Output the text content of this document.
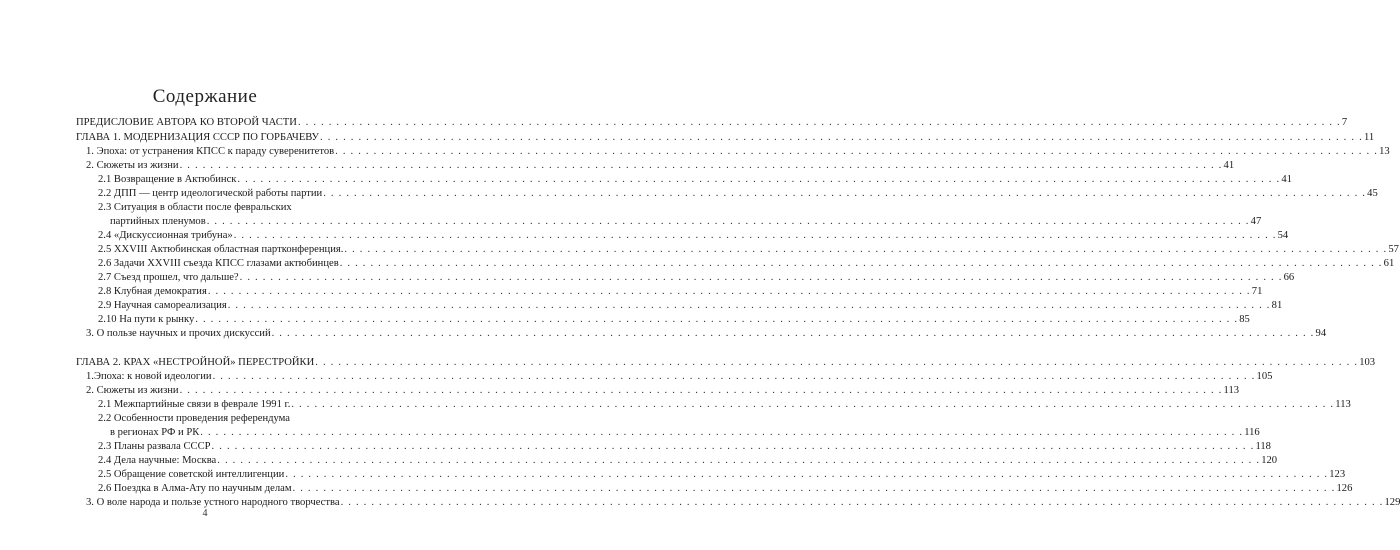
Содержание
ПРЕДИСЛОВИЕ АВТОРА КО ВТОРОЙ ЧАСТИ . . .	7
ГЛАВА 1. МОДЕРНИЗАЦИЯ СССР ПО ГОРБАЧЕВУ . . .	11
1. Эпоха: от устранения КПСС к параду суверенитетов . . .	13
2. Сюжеты из жизни . . .	41
2.1 Возвращение в Актюбинск . . .	41
2.2 ДПП — центр идеологической работы партии . . .	45
2.3 Ситуация в области после февральских
партийных пленумов . . .	47
2.4 «Дискуссионная трибуна» . . .	54
2.5 XXVIII Актюбинская областная партконференция. . . .	57
2.6 Задачи XXVIII съезда КПСС глазами актюбинцев . . .	61
2.7 Съезд прошел, что дальше? . . .	66
2.8 Клубная демократия . . .	71
2.9 Научная самореализация . . .	81
2.10 На пути к рынку . . .	85
3. О пользе научных и прочих дискуссий . . .	94
ГЛАВА 2. КРАХ «НЕСТРОЙНОЙ» ПЕРЕСТРОЙКИ . . .	103
1.Эпоха: к новой идеологии . . .	105
2. Сюжеты из жизни . . .	113
2.1 Межпартийные связи в феврале 1991 г. . . .	113
2.2 Особенности проведения референдума
в регионах РФ и РК . . .	116
2.3 Планы развала СССР . . .	118
2.4 Дела научные: Москва . . .	120
2.5 Обращение советской интеллигенции . . .	123
2.6 Поездка в Алма-Ату по научным делам . . .	126
3. О воле народа и пользе устного народного творчества . . .	129
4
